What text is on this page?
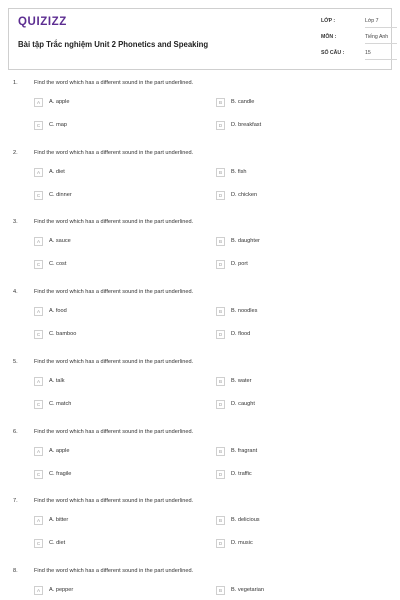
QUIZIZZ
Bài tập Trắc nghiệm Unit 2 Phonetics and Speaking
LỚP :	Lớp 7
MÔN :	Tiếng Anh
SỐ CÂU :	15
1.	Find the word which has a different sound in the part underlined.
A	A. apple	B	B. candle
C	C. map	D	D. breakfast
2.	Find the word which has a different sound in the part underlined.
A	A. diet	B	B. fish
C	C. dinner	D	D. chicken
3.	Find the word which has a different sound in the part underlined.
A	A. sauce	B	B. daughter
C	C. cost	D	D. port
4.	Find the word which has a different sound in the part underlined.
A	A. food	B	B. noodles
C	C. bamboo	D	D. flood
5.	Find the word which has a different sound in the part underlined.
A	A. talk	B	B. water
C	C. match	D	D. caught
6.	Find the word which has a different sound in the part underlined.
A	A. apple	B	B. fragrant
C	C. fragile	D	D. traffic
7.	Find the word which has a different sound in the part underlined.
A	A. bitter	B	B. delicious
C	C. diet	D	D. music
8.	Find the word which has a different sound in the part underlined.
A	A. pepper	B	B. vegetarian
